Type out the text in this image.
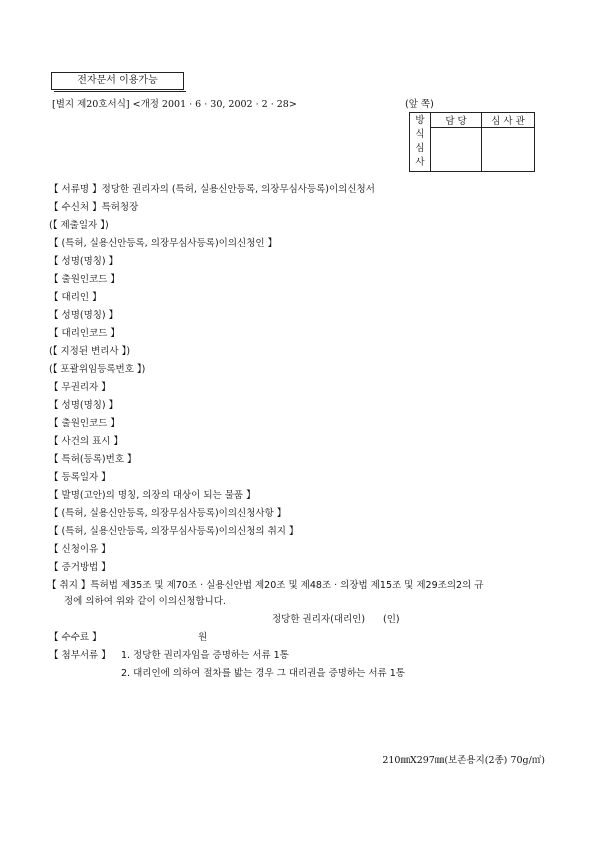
전자문서 이용가능
[별지 제20호서식] <개정 2001 · 6 · 30, 2002 · 2 · 28>	(앞 쪽)
방
식
심
사	담 당	심 사 관

【 서류명 】정당한 권리자의 (특허, 실용신안등록, 의장무심사등록)이의신청서
【 수신처 】특허청장
(【 제출일자 】)
【 (특허, 실용신안등록, 의장무심사등록)이의신청인 】
【 성명(명칭) 】
【 출원인코드 】
【 대리인 】
【 성명(명칭) 】
【 대리인코드 】
(【 지정된 변리사 】)
(【 포괄위임등록번호 】)
【 무권리자 】
【 성명(명칭) 】
【 출원인코드 】
【 사건의 표시 】
【 특허(등록)번호 】
【 등록일자 】
【 발명(고안)의 명칭, 의장의 대상이 되는 물품 】
【 (특허, 실용신안등록, 의장무심사등록)이의신청사항 】
【 (특허, 실용신안등록, 의장무심사등록)이의신청의 취지 】
【 신청이유 】
【 증거방법 】
【 취지 】특허법 제35조 및 제70조 · 실용신안법 제20조 및 제48조 · 의장법 제15조 및 제29조의2의 규
정에 의하여 위와 같이 이의신청합니다.
정당한 권리자(대리인) (인)
【 수수료 】	원
【 첨부서류 】 1. 정당한 권리자임을 증명하는 서류 1통
2. 대리인에 의하여 절차를 밟는 경우 그 대리권을 증명하는 서류 1통
210㎜X297㎜(보존용지(2종) 70g/㎡)
